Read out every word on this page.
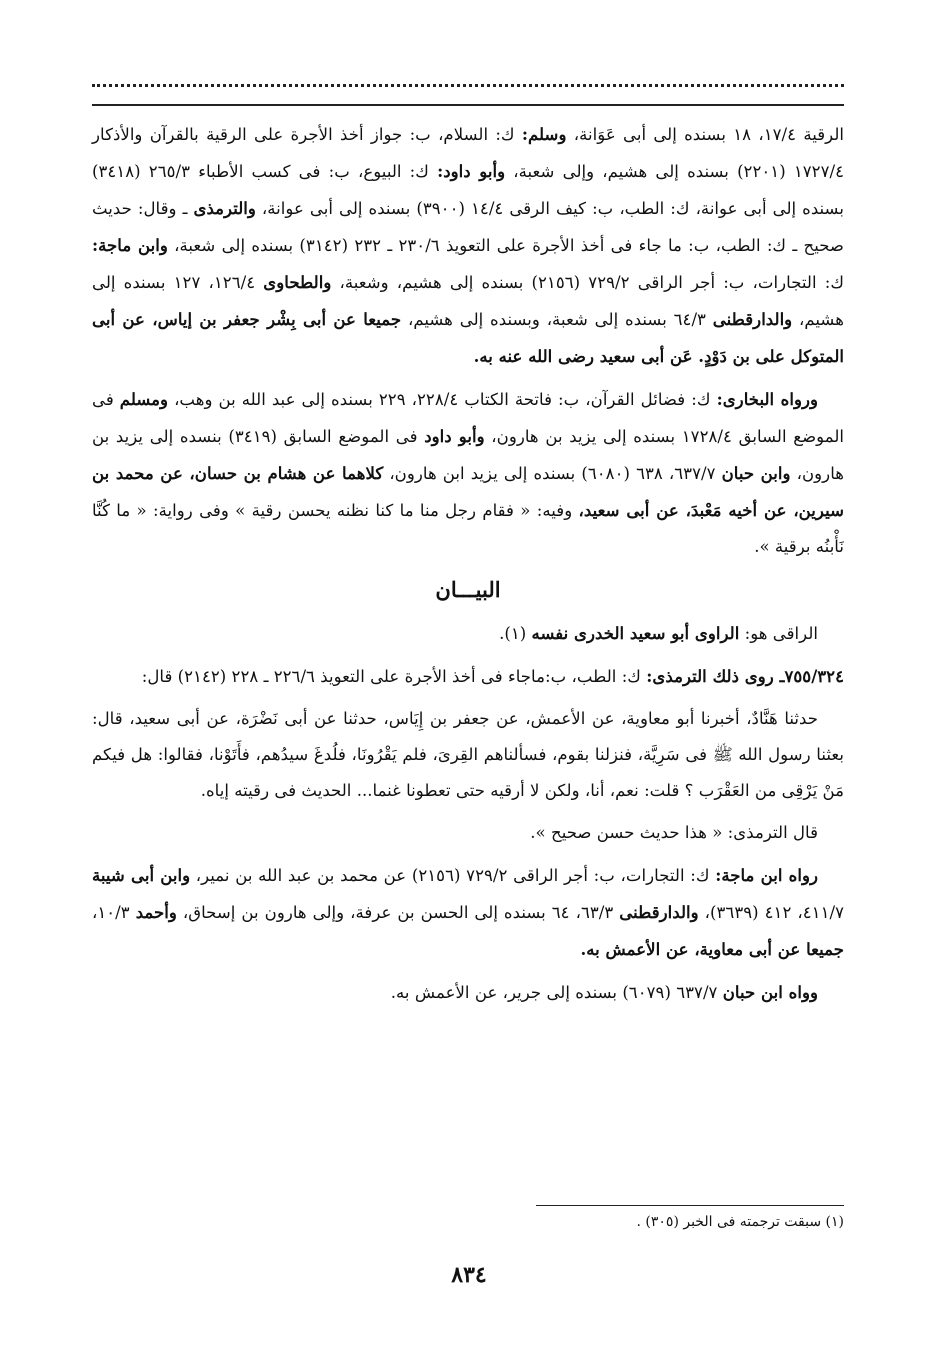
الرقية ١٧/٤، ١٨ بسنده إلى أبى عَوَانة، وسلم: ك: السلام، ب: جواز أخذ الأجرة على الرقية بالقرآن والأذكار ١٧٢٧/٤ (٢٢٠١) بسنده إلى هشيم، وإلى شعبة، وأبو داود: ك: البيوع، ب: فى كسب الأطباء ٢٦٥/٣ (٣٤١٨) بسنده إلى أبى عوانة، ك: الطب، ب: كيف الرقى ١٤/٤ (٣٩٠٠) بسنده إلى أبى عوانة، والترمذى ـ وقال: حديث صحيح ـ ك: الطب، ب: ما جاء فى أخذ الأجرة على التعويذ ٢٣٠/٦ ـ ٢٣٢ (٣١٤٢) بسنده إلى شعبة، وابن ماجة: ك: التجارات، ب: أجر الراقى ٧٢٩/٢ (٢١٥٦) بسنده إلى هشيم، وشعبة، والطحاوى ١٢٦/٤، ١٢٧ بسنده إلى هشيم، والدارقطنى ٦٤/٣ بسنده إلى شعبة، وبسنده إلى هشيم، جميعا عن أبى بِشْر جعفر بن إياس، عن أبى المتوكل على بن دَوْدٍ. عَن أبى سعيد رضى الله عنه به.

ورواه البخارى: ك: فضائل القرآن، ب: فاتحة الكتاب ٢٢٨/٤، ٢٢٩ بسنده إلى عبد الله بن وهب، ومسلم فى الموضع السابق ١٧٢٨/٤ بسنده إلى يزيد بن هارون، وأبو داود فى الموضع السابق (٣٤١٩) بنسده إلى يزيد بن هارون، وابن حبان ٦٣٧/٧، ٦٣٨ (٦٠٨٠) بسنده إلى يزيد ابن هارون، كلاهما عن هشام بن حسان، عن محمد بن سيرين، عن أخيه مَعْبدَ، عن أبى سعيد، وفيه: « فقام رجل منا ما كنا نظنه يحسن رقية » وفى رواية: « ما كُنَّا نَأْبنُه برقية ».

البيـــان

الراقى هو: الراوى أبو سعيد الخدرى نفسه (١).

٧٥٥/٣٢٤ـ روى ذلك الترمذى: ك: الطب، ب:ماجاء فى أخذ الأجرة على التعويذ ٢٢٦/٦ ـ ٢٢٨ (٢١٤٢) قال:

حدثنا هَنَّادٌ، أخبرنا أبو معاوية، عن الأعمش، عن جعفر بن إِيَاس، حدثنا عن أبى نَضْرَة، عن أبى سعيد، قال: بعثنا رسول الله ﷺ فى سَرِيَّة، فنزلنا بقوم، فسألناهم القِرىَ، فلم يَقْرُونَا، فلُدغَ سيدُهم، فأَتَوْنا، فقالوا: هل فيكم مَنْ يَرْقِى من العَقْرَب ؟ قلت: نعم، أنا، ولكن لا أرقيه حتى تعطونا غنما... الحديث فى رقيته إياه.

قال الترمذى: « هذا حديث حسن صحيح ».

رواه ابن ماجة: ك: التجارات، ب: أجر الراقى ٧٢٩/٢ (٢١٥٦) عن محمد بن عبد الله بن نمير، وابن أبى شيبة ٤١١/٧، ٤١٢ (٣٦٣٩)، والدارقطنى ٦٣/٣، ٦٤ بسنده إلى الحسن بن عرفة، وإلى هارون بن إسحاق، وأحمد ١٠/٣، جميعا عن أبى معاوية، عن الأعمش به.

وواه ابن حبان ٦٣٧/٧ (٦٠٧٩) بسنده إلى جرير، عن الأعمش به.

(١) سبقت ترجمته فى الخبر (٣٠٥) .
٨٣٤
